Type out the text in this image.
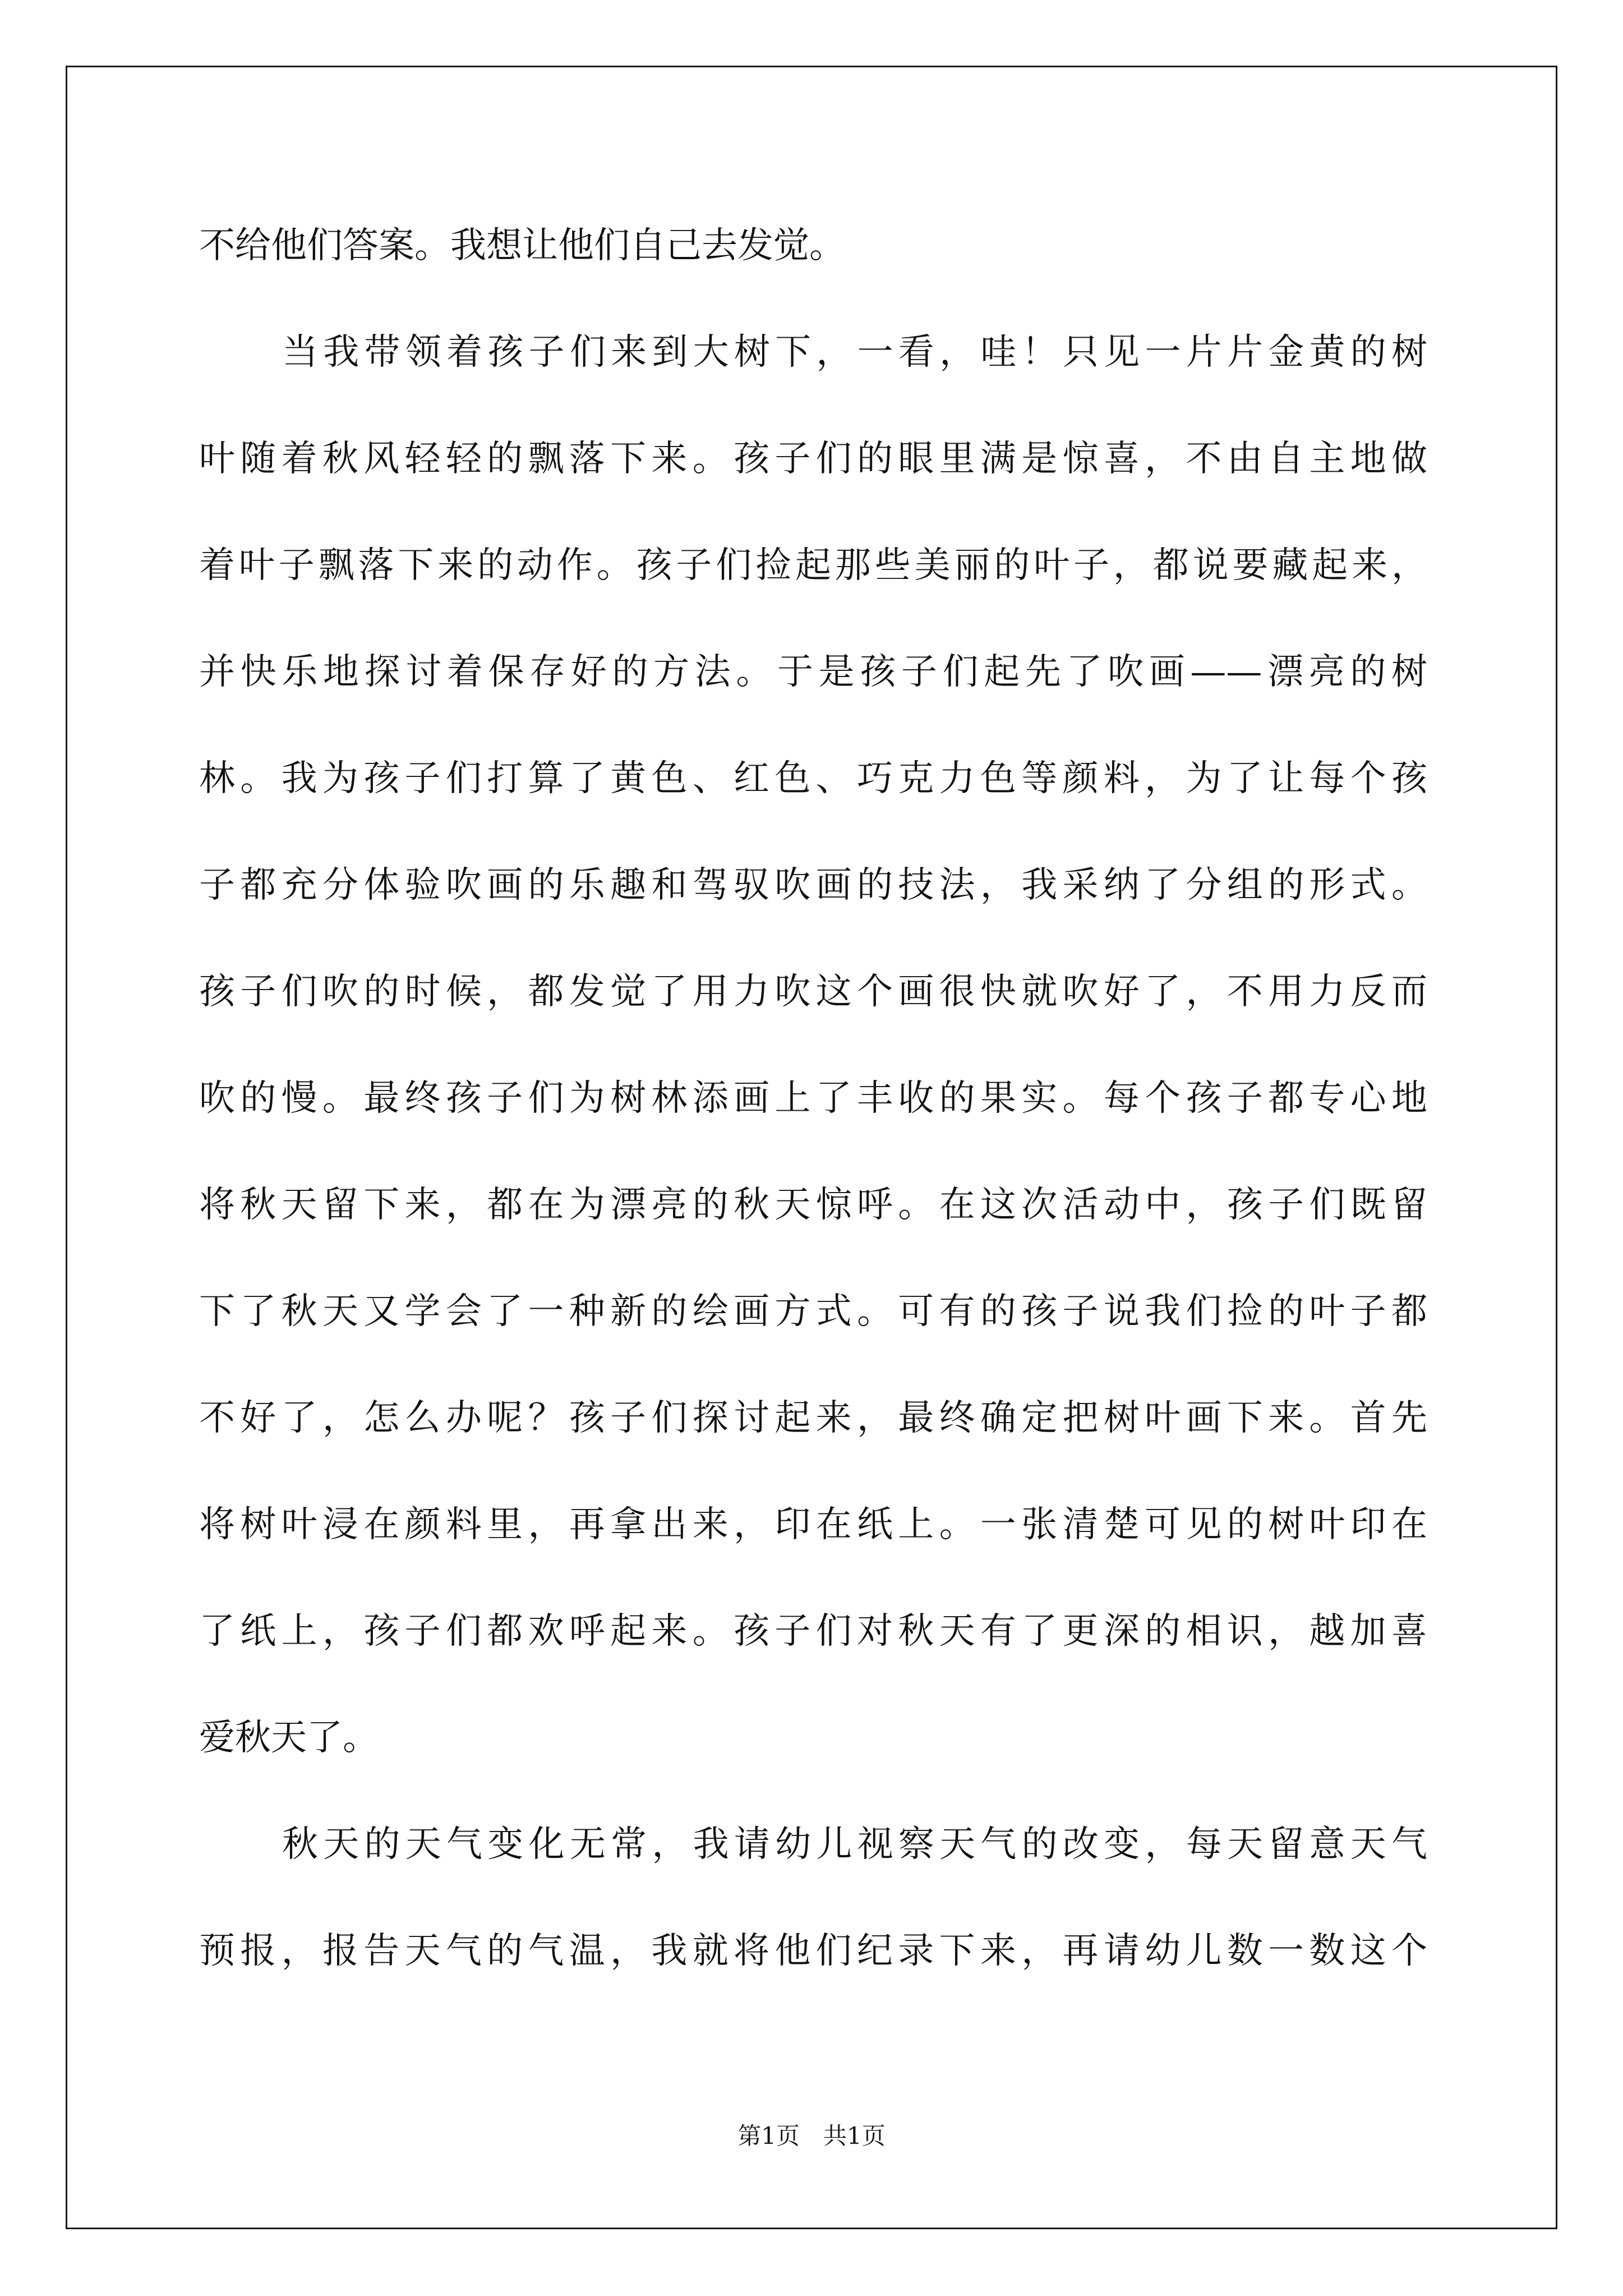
不给他们答案。我想让他们自己去发觉。
当我带领着孩子们来到大树下，一看，哇！只见一片片金黄的树
叶随着秋风轻轻的飘落下来。孩子们的眼里满是惊喜，不由自主地做
着叶子飘落下来的动作。孩子们捡起那些美丽的叶子，都说要藏起来，
并快乐地探讨着保存好的方法。于是孩子们起先了吹画——漂亮的树
林。我为孩子们打算了黄色、红色、巧克力色等颜料，为了让每个孩
子都充分体验吹画的乐趣和驾驭吹画的技法，我采纳了分组的形式。
孩子们吹的时候，都发觉了用力吹这个画很快就吹好了，不用力反而
吹的慢。最终孩子们为树林添画上了丰收的果实。每个孩子都专心地
将秋天留下来，都在为漂亮的秋天惊呼。在这次活动中，孩子们既留
下了秋天又学会了一种新的绘画方式。可有的孩子说我们捡的叶子都
不好了，怎么办呢？孩子们探讨起来，最终确定把树叶画下来。首先
将树叶浸在颜料里，再拿出来，印在纸上。一张清楚可见的树叶印在
了纸上，孩子们都欢呼起来。孩子们对秋天有了更深的相识，越加喜
爱秋天了。
秋天的天气变化无常，我请幼儿视察天气的改变，每天留意天气
预报，报告天气的气温，我就将他们纪录下来，再请幼儿数一数这个
第1页　共1页
